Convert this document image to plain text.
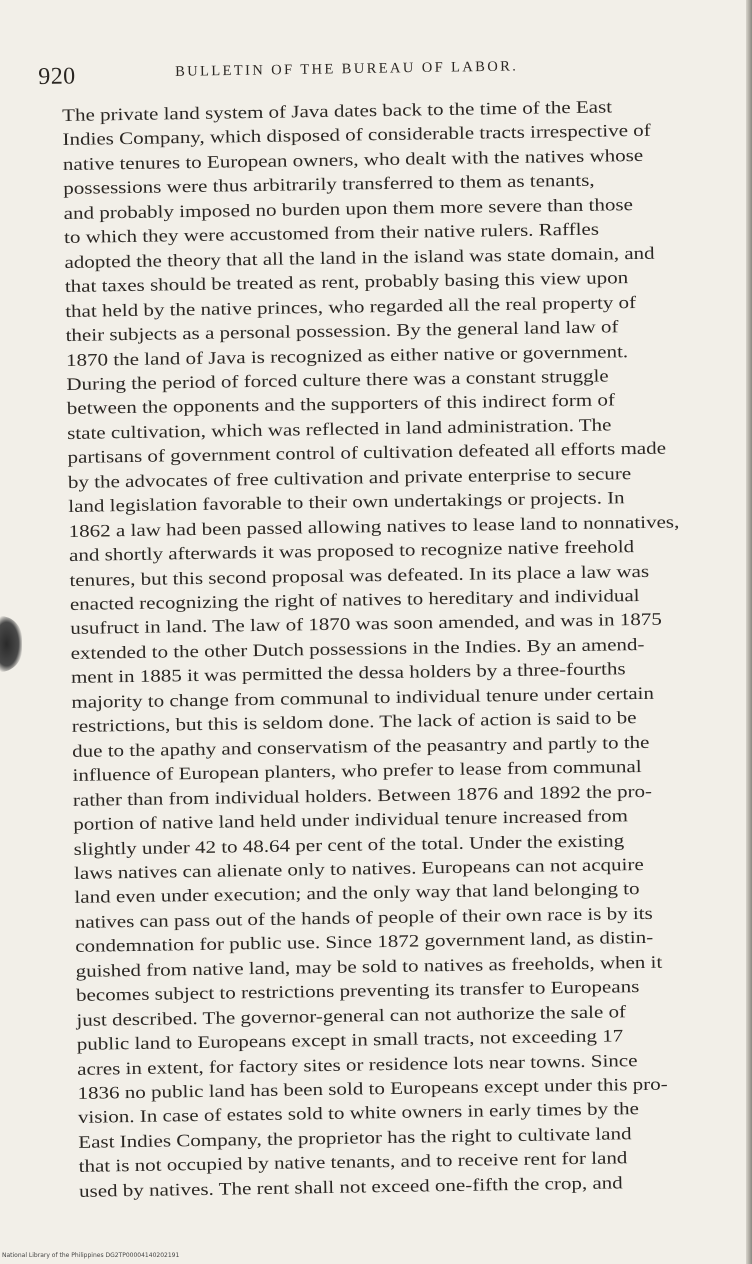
920	BULLETIN OF THE BUREAU OF LABOR.
The private land system of Java dates back to the time of the East
Indies Company, which disposed of considerable tracts irrespective of
native tenures to European owners, who dealt with the natives whose
possessions were thus arbitrarily transferred to them as tenants,
and probably imposed no burden upon them more severe than those
to which they were accustomed from their native rulers. Raffles
adopted the theory that all the land in the island was state domain, and
that taxes should be treated as rent, probably basing this view upon
that held by the native princes, who regarded all the real property of
their subjects as a personal possession. By the general land law of
1870 the land of Java is recognized as either native or government.
During the period of forced culture there was a constant struggle
between the opponents and the supporters of this indirect form of
state cultivation, which was reflected in land administration. The
partisans of government control of cultivation defeated all efforts made
by the advocates of free cultivation and private enterprise to secure
land legislation favorable to their own undertakings or projects. In
1862 a law had been passed allowing natives to lease land to nonnatives,
and shortly afterwards it was proposed to recognize native freehold
tenures, but this second proposal was defeated. In its place a law was
enacted recognizing the right of natives to hereditary and individual
usufruct in land. The law of 1870 was soon amended, and was in 1875
extended to the other Dutch possessions in the Indies. By an amend-
ment in 1885 it was permitted the dessa holders by a three-fourths
majority to change from communal to individual tenure under certain
restrictions, but this is seldom done. The lack of action is said to be
due to the apathy and conservatism of the peasantry and partly to the
influence of European planters, who prefer to lease from communal
rather than from individual holders. Between 1876 and 1892 the pro-
portion of native land held under individual tenure increased from
slightly under 42 to 48.64 per cent of the total. Under the existing
laws natives can alienate only to natives. Europeans can not acquire
land even under execution; and the only way that land belonging to
natives can pass out of the hands of people of their own race is by its
condemnation for public use. Since 1872 government land, as distin-
guished from native land, may be sold to natives as freeholds, when it
becomes subject to restrictions preventing its transfer to Europeans
just described. The governor-general can not authorize the sale of
public land to Europeans except in small tracts, not exceeding 17
acres in extent, for factory sites or residence lots near towns. Since
1836 no public land has been sold to Europeans except under this pro-
vision. In case of estates sold to white owners in early times by the
East Indies Company, the proprietor has the right to cultivate land
that is not occupied by native tenants, and to receive rent for land
used by natives. The rent shall not exceed one-fifth the crop, and
National Library of the Philippines DG2TP00004140202191
